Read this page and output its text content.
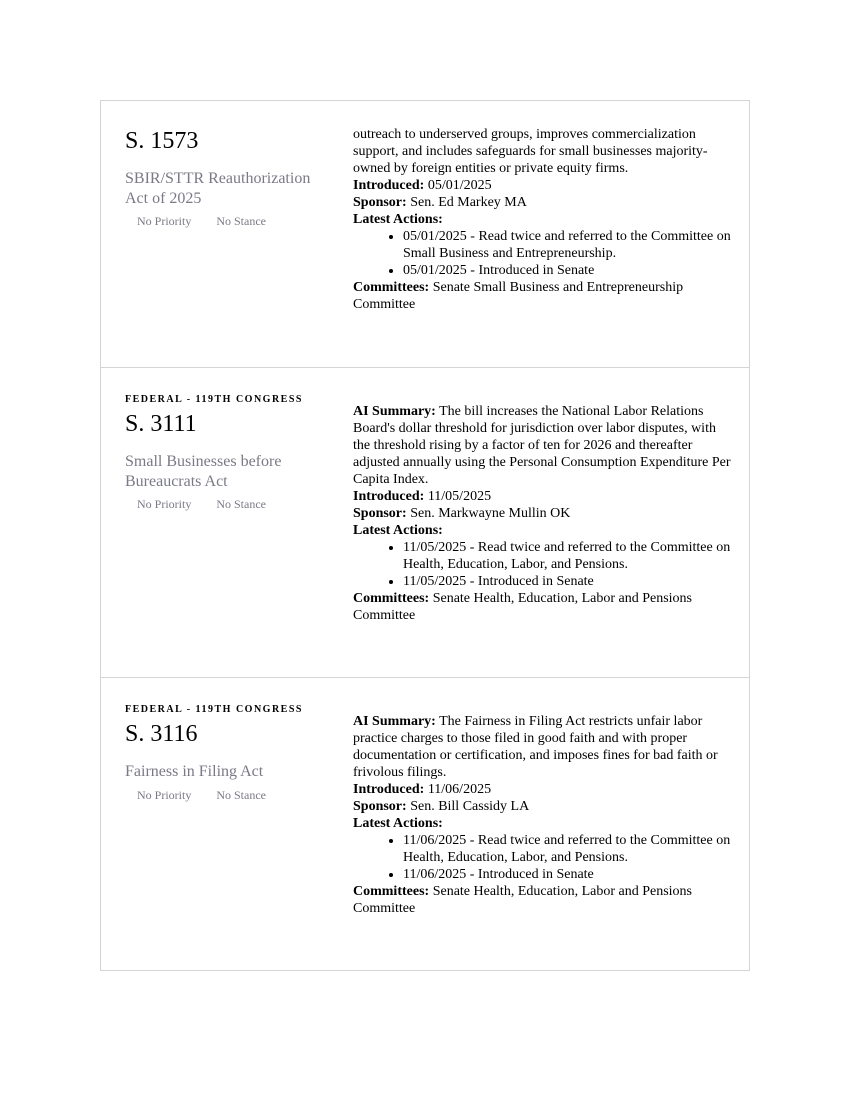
S. 1573
SBIR/STTR Reauthorization Act of 2025
No Priority No Stance

outreach to underserved groups, improves commercialization support, and includes safeguards for small businesses majority-owned by foreign entities or private equity firms.

Introduced: 05/01/2025

Sponsor: Sen. Ed Markey MA

Latest Actions:

• 05/01/2025 - Read twice and referred to the Committee on Small Business and Entrepreneurship.
• 05/01/2025 - Introduced in Senate

Committees: Senate Small Business and Entrepreneurship Committee

FEDERAL - 119TH CONGRESS
S. 3111
Small Businesses before Bureaucrats Act
No Priority No Stance

AI Summary: The bill increases the National Labor Relations Board's dollar threshold for jurisdiction over labor disputes, with the threshold rising by a factor of ten for 2026 and thereafter adjusted annually using the Personal Consumption Expenditure Per Capita Index.

Introduced: 11/05/2025

Sponsor: Sen. Markwayne Mullin OK

Latest Actions:

• 11/05/2025 - Read twice and referred to the Committee on Health, Education, Labor, and Pensions.
• 11/05/2025 - Introduced in Senate

Committees: Senate Health, Education, Labor and Pensions Committee

FEDERAL - 119TH CONGRESS
S. 3116
Fairness in Filing Act
No Priority No Stance

AI Summary: The Fairness in Filing Act restricts unfair labor practice charges to those filed in good faith and with proper documentation or certification, and imposes fines for bad faith or frivolous filings.

Introduced: 11/06/2025

Sponsor: Sen. Bill Cassidy LA

Latest Actions:

• 11/06/2025 - Read twice and referred to the Committee on Health, Education, Labor, and Pensions.
• 11/06/2025 - Introduced in Senate

Committees: Senate Health, Education, Labor and Pensions Committee
